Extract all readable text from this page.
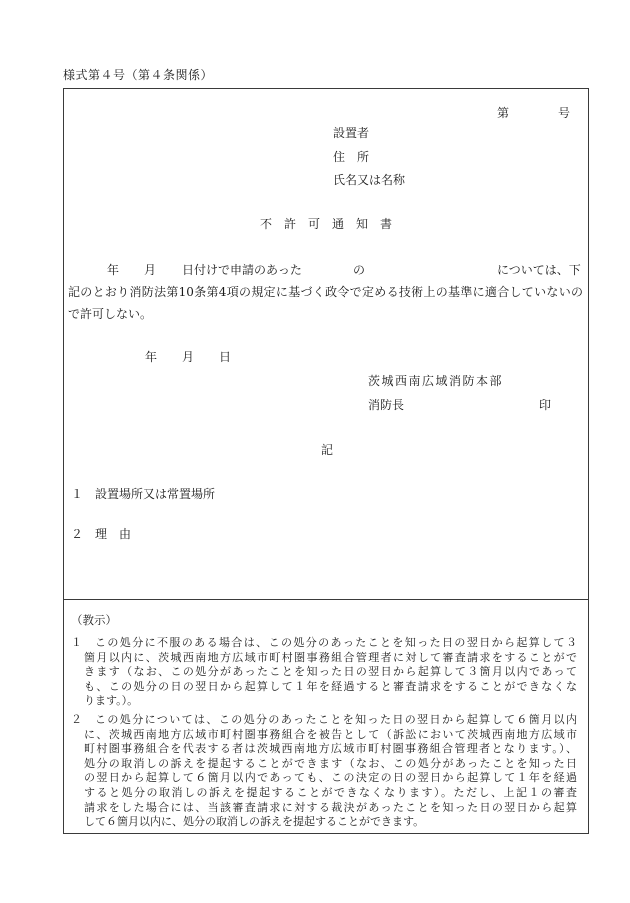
様式第４号（第４条関係）
第	号
設置者
住　所
氏名又は名称
不　許　可　通　知　書
年 月 日付けで申請のあった	の	については、下
記のとおり消防法第10条第4項の規定に基づく政令で定める技術上の基準に適合していないの
で許可しない。
年 月 日
茨城西南広域消防本部
消防長	印
記
１ 設置場所又は常置場所
２ 理　由
（教示）
１ この処分に不服のある場合は、この処分のあったことを知った日の翌日から起算して３
箇月以内に、茨城西南地方広域市町村圏事務組合管理者に対して審査請求をすることがで
きます（なお、この処分があったことを知った日の翌日から起算して３箇月以内であって
も、この処分の日の翌日から起算して１年を経過すると審査請求をすることができなくな
ります。）。
２ この処分については、この処分のあったことを知った日の翌日から起算して６箇月以内
に、茨城西南地方広域市町村圏事務組合を被告として（訴訟において茨城西南地方広域市
町村圏事務組合を代表する者は茨城西南地方広域市町村圏事務組合管理者となります。）、
処分の取消しの訴えを提起することができます（なお、この処分があったことを知った日
の翌日から起算して６箇月以内であっても、この決定の日の翌日から起算して１年を経過
すると処分の取消しの訴えを提起することができなくなります）。ただし、上記１の審査
請求をした場合には、当該審査請求に対する裁決があったことを知った日の翌日から起算
して６箇月以内に、処分の取消しの訴えを提起することができます。
